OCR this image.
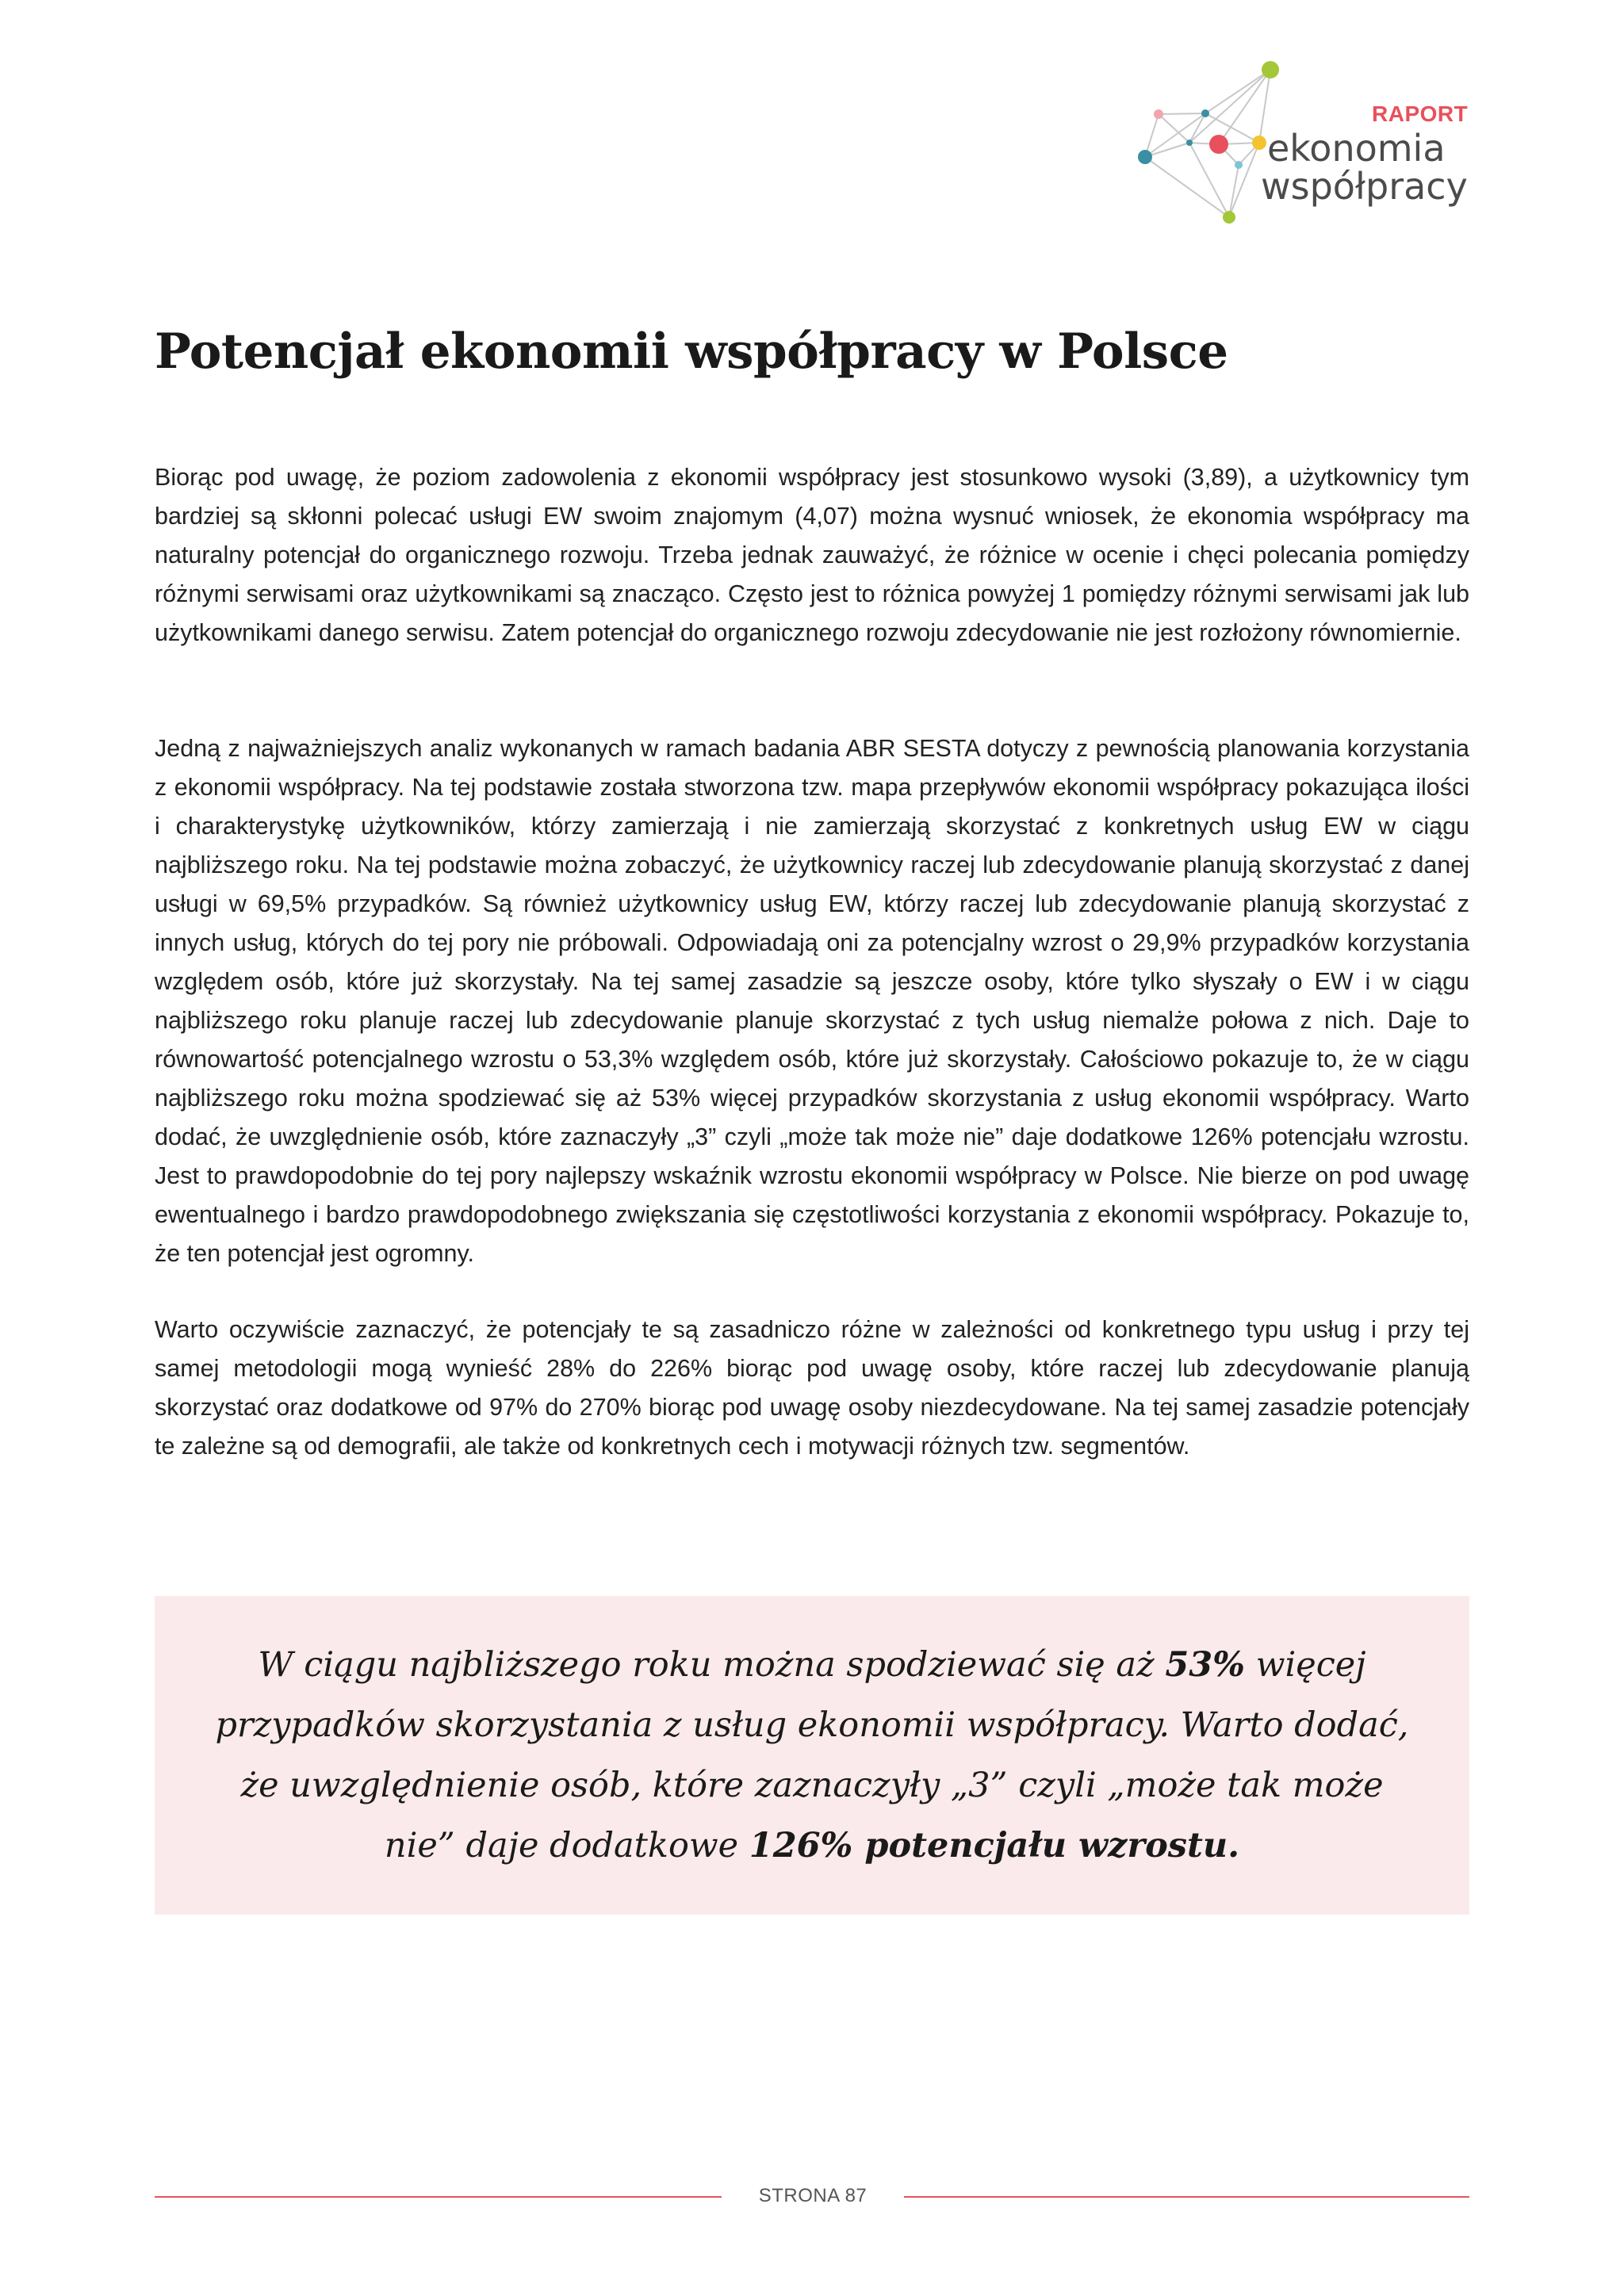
RAPORT
ekonomia
współpracy
Potencjał ekonomii współpracy w Polsce

Biorąc pod uwagę, że poziom zadowolenia z ekonomii współpracy jest stosunkowo wysoki (3,89), a użytkownicy tym bardziej są skłonni polecać usługi EW swoim znajomym (4,07) można wysnuć wniosek, że ekonomia współpracy ma naturalny potencjał do organicznego rozwoju. Trzeba jednak zauważyć, że różnice w ocenie i chęci polecania pomiędzy różnymi serwisami oraz użytkownikami są znacząco. Często jest to różnica powyżej 1 pomiędzy różnymi serwisami jak lub użytkownikami danego serwisu. Zatem potencjał do organicznego rozwoju zdecydowanie nie jest rozłożony równomiernie.

Jedną z najważniejszych analiz wykonanych w ramach badania ABR SESTA dotyczy z pewnością planowania korzystania z ekonomii współpracy. Na tej podstawie została stworzona tzw. mapa przepływów ekonomii współpracy pokazująca ilości i charakterystykę użytkowników, którzy zamierzają i nie zamierzają skorzystać z konkretnych usług EW w ciągu najbliższego roku. Na tej podstawie można zobaczyć, że użytkownicy raczej lub zdecydowanie planują skorzystać z danej usługi w 69,5% przypadków. Są również użytkownicy usług EW, którzy raczej lub zdecydowanie planują skorzystać z innych usług, których do tej pory nie próbowali. Odpowiadają oni za potencjalny wzrost o 29,9% przypadków korzystania względem osób, które już skorzystały. Na tej samej zasadzie są jeszcze osoby, które tylko słyszały o EW i w ciągu najbliższego roku planuje raczej lub zdecydowanie planuje skorzystać z tych usług niemalże połowa z nich. Daje to równowartość potencjalnego wzrostu o 53,3% względem osób, które już skorzystały. Całościowo pokazuje to, że w ciągu najbliższego roku można spodziewać się aż 53% więcej przypadków skorzystania z usług ekonomii współpracy. Warto dodać, że uwzględnienie osób, które zaznaczyły „3” czyli „może tak może nie” daje dodatkowe 126% potencjału wzrostu. Jest to prawdopodobnie do tej pory najlepszy wskaźnik wzrostu ekonomii współpracy w Polsce. Nie bierze on pod uwagę ewentualnego i bardzo prawdopodobnego zwiększania się częstotliwości korzystania z ekonomii współpracy. Pokazuje to, że ten potencjał jest ogromny.

Warto oczywiście zaznaczyć, że potencjały te są zasadniczo różne w zależności od konkretnego typu usług i przy tej samej metodologii mogą wynieść 28% do 226% biorąc pod uwagę osoby, które raczej lub zdecydowanie planują skorzystać oraz dodatkowe od 97% do 270% biorąc pod uwagę osoby niezdecydowane. Na tej samej zasadzie potencjały te zależne są od demografii, ale także od konkretnych cech i motywacji różnych tzw. segmentów.

W ciągu najbliższego roku można spodziewać się aż 53% więcej przypadków skorzystania z usług ekonomii współpracy. Warto dodać, że uwzględnienie osób, które zaznaczyły „3” czyli „może tak może nie” daje dodatkowe 126% potencjału wzrostu.

STRONA 87
